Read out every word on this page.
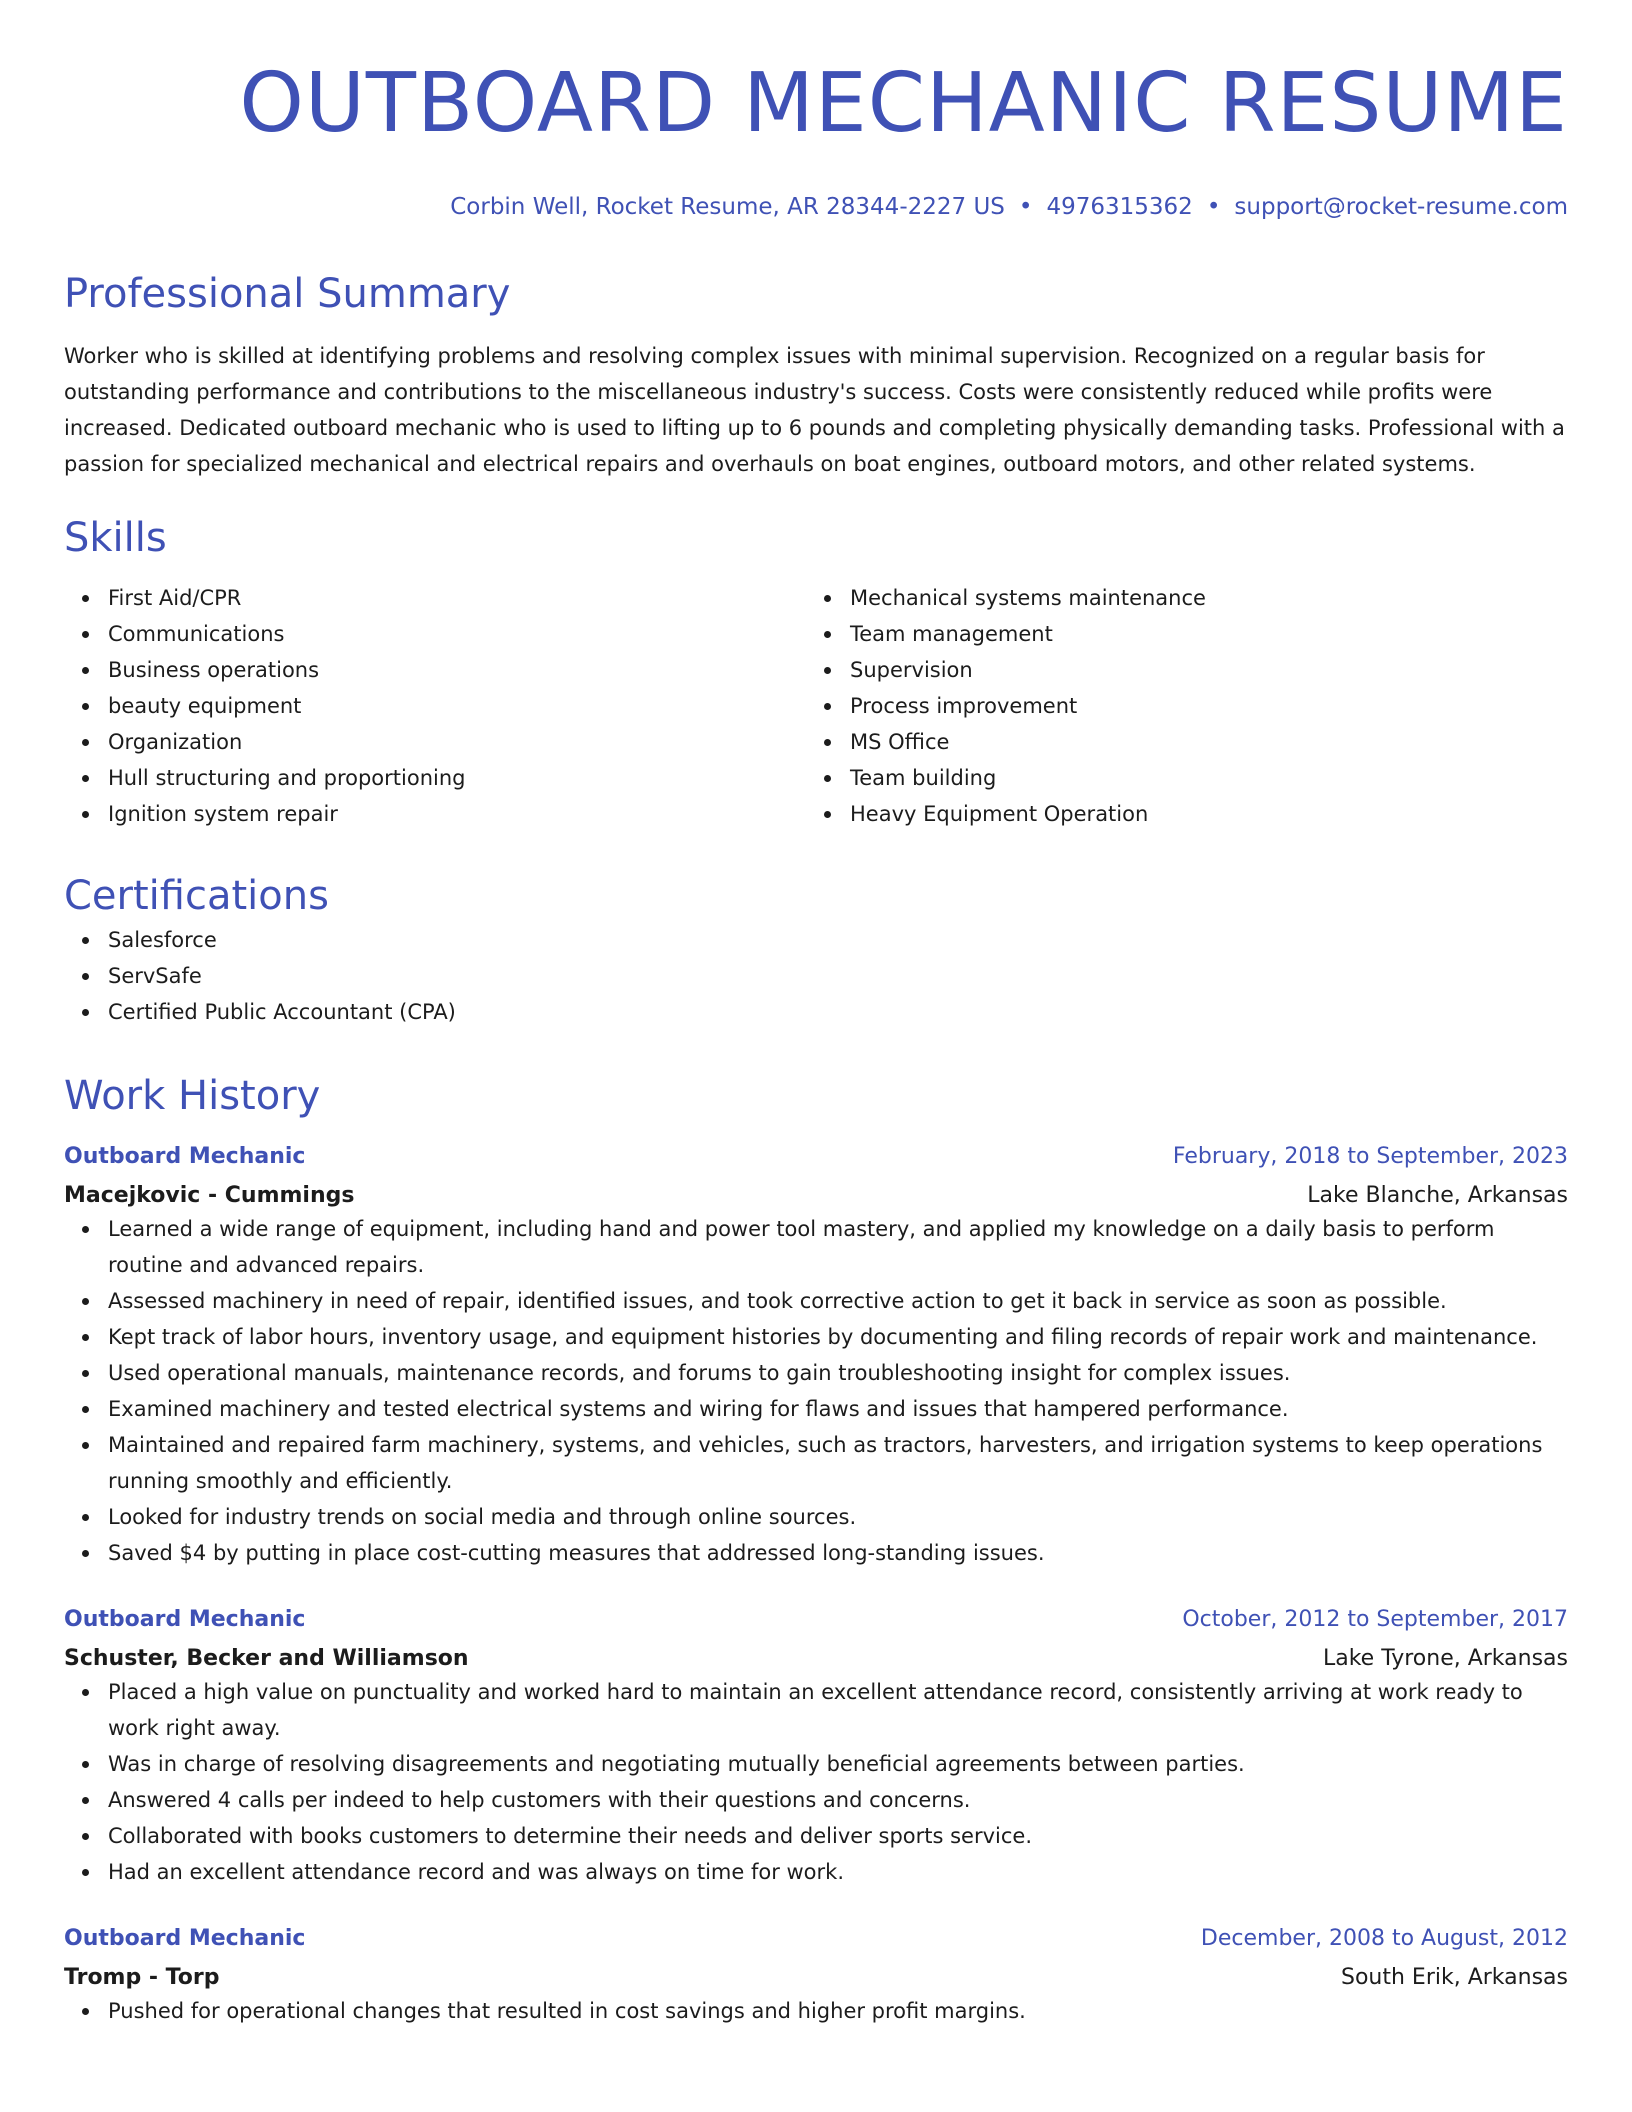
OUTBOARD MECHANIC RESUME
Corbin Well, Rocket Resume, AR 28344-2227 US • 4976315362 • support@rocket-resume.com
Professional Summary

Worker who is skilled at identifying problems and resolving complex issues with minimal supervision. Recognized on a regular basis for outstanding performance and contributions to the miscellaneous industry's success. Costs were consistently reduced while profits were increased. Dedicated outboard mechanic who is used to lifting up to 6 pounds and completing physically demanding tasks. Professional with a passion for specialized mechanical and electrical repairs and overhauls on boat engines, outboard motors, and other related systems.

Skills
First Aid/CPR
Communications
Business operations
beauty equipment
Organization
Hull structuring and proportioning
Ignition system repair
Mechanical systems maintenance
Team management
Supervision
Process improvement
MS Office
Team building
Heavy Equipment Operation
Certifications
Salesforce
ServSafe
Certified Public Accountant (CPA)
Work History
Outboard Mechanic	February, 2018 to September, 2023
Macejkovic - Cummings	Lake Blanche, Arkansas
Learned a wide range of equipment, including hand and power tool mastery, and applied my knowledge on a daily basis to perform routine and advanced repairs.
Assessed machinery in need of repair, identified issues, and took corrective action to get it back in service as soon as possible.
Kept track of labor hours, inventory usage, and equipment histories by documenting and filing records of repair work and maintenance.
Used operational manuals, maintenance records, and forums to gain troubleshooting insight for complex issues.
Examined machinery and tested electrical systems and wiring for flaws and issues that hampered performance.
Maintained and repaired farm machinery, systems, and vehicles, such as tractors, harvesters, and irrigation systems to keep operations running smoothly and efficiently.
Looked for industry trends on social media and through online sources.
Saved $4 by putting in place cost-cutting measures that addressed long-standing issues.
Outboard Mechanic	October, 2012 to September, 2017
Schuster, Becker and Williamson	Lake Tyrone, Arkansas
Placed a high value on punctuality and worked hard to maintain an excellent attendance record, consistently arriving at work ready to work right away.
Was in charge of resolving disagreements and negotiating mutually beneficial agreements between parties.
Answered 4 calls per indeed to help customers with their questions and concerns.
Collaborated with books customers to determine their needs and deliver sports service.
Had an excellent attendance record and was always on time for work.
Outboard Mechanic	December, 2008 to August, 2012
Tromp - Torp	South Erik, Arkansas
Pushed for operational changes that resulted in cost savings and higher profit margins.
